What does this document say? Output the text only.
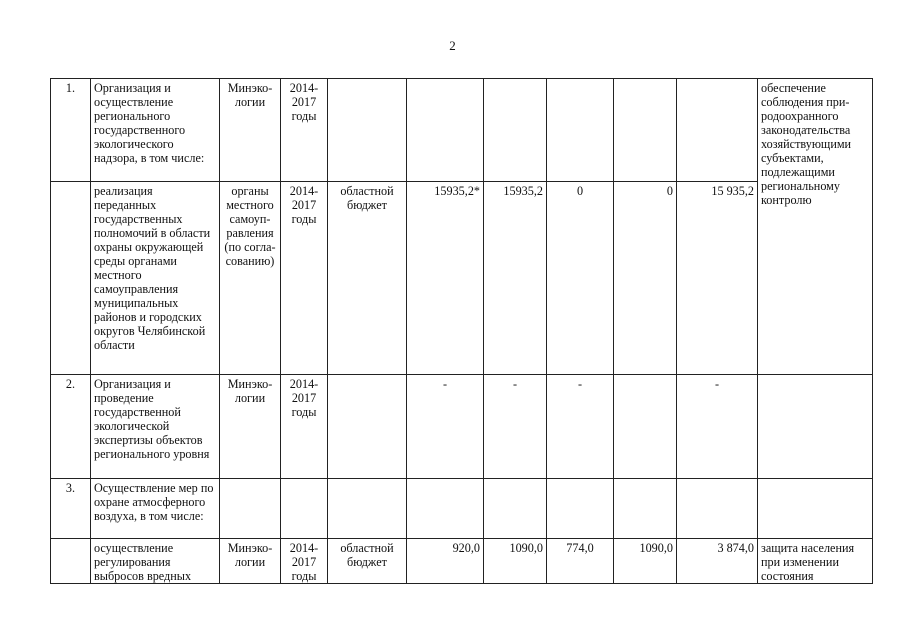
2
1.	Организация и осуществление регионального государственного экологического надзора, в том числе:	Минэко-логии	2014-2017 годы							обеспечение соблюдения при-родоохранного законодательства хозяйствующими субъектами, подлежащими региональному контролю
	реализация переданных государственных полномочий в области охраны окружающей среды органами местного самоуправления муниципальных районов и городских округов Челябинской области	органы местного самоуп-равления (по согла-сованию)	2014-2017 годы	областной бюджет	15935,2*	15935,2	0	0	15 935,2	
2.	Организация и проведение государственной экологической экспертизы объектов регионального уровня	Минэко-логии	2014-2017 годы		-	-	-		-	
3.	Осуществление мер по охране атмосферного воздуха, в том числе:									
	осуществление регулирования выбросов вредных	Минэко-логии	2014-2017 годы	областной бюджет	920,0	1090,0	774,0	1090,0	3 874,0	защита населения при изменении состояния
